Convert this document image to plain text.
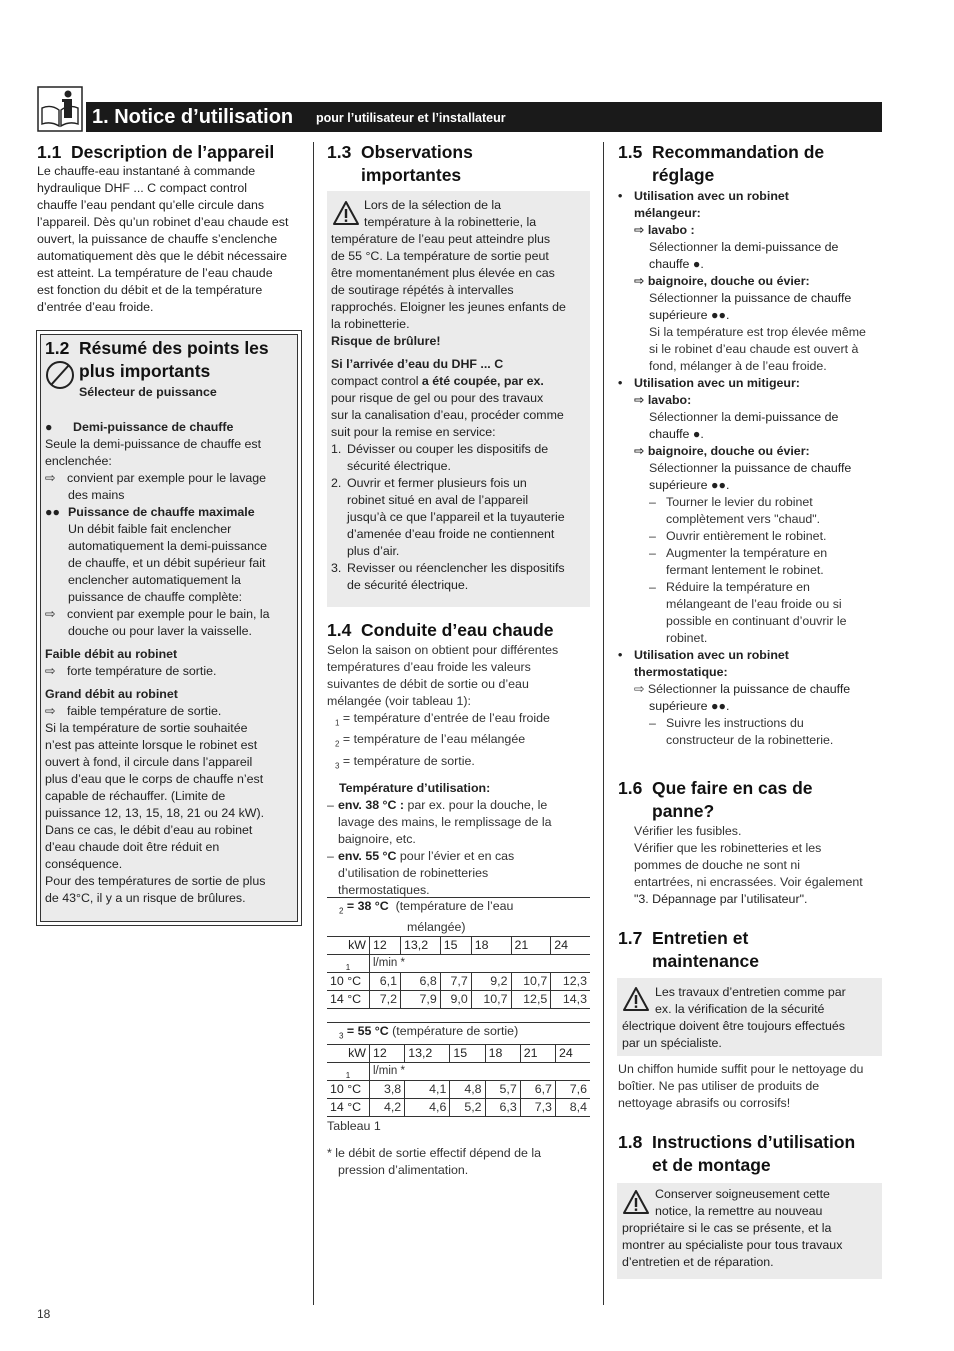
1. Notice d’utilisation pour l’utilisateur et l’installateur
1.1 Description de l’appareil

Le chauffe-eau instantané à commande

hydraulique DHF ... C compact control

chauffe l’eau pendant qu’elle circule dans

l’appareil. Dès qu’un robinet d’eau chaude est

ouvert, la puissance de chauffe s’enclenche

automatiquement dès que le débit nécessaire

est atteint. La température de l’eau chaude

est fonction du débit et de la température

d’entrée d’eau froide.

1.2 Résumé des points les
plus importants
Sélecteur de puissance

● Demi-puissance de chauffe

Seule la demi-puissance de chauffe est

enclenchée:

⇨ convient par exemple pour le lavage

des mains

●● Puissance de chauffe maximale

Un débit faible fait enclencher

automatiquement la demi-puissance

de chauffe, et un débit supérieur fait

enclencher automatiquement la

puissance de chauffe complète:

⇨ convient par exemple pour le bain, la

douche ou pour laver la vaisselle.

Faible débit au robinet

⇨ forte température de sortie.

Grand débit au robinet

⇨ faible température de sortie.

Si la température de sortie souhaitée

n’est pas atteinte lorsque le robinet est

ouvert à fond, il circule dans l’appareil

plus d’eau que le corps de chauffe n’est

capable de réchauffer. (Limite de

puissance 12, 13, 15, 18, 21 ou 24 kW).

Dans ce cas, le débit d’eau au robinet

d’eau chaude doit être réduit en

conséquence.

Pour des températures de sortie de plus

de 43°C, il y a un risque de brûlures.

1.3 Observations
importantes

Lors de la sélection de la

température à la robinetterie, la

température de l’eau peut atteindre plus

de 55 °C. La température de sortie peut

être momentanément plus élevée en cas

de soutirage répétés à intervalles

rapprochés. Eloigner les jeunes enfants de

la robinetterie.

Risque de brûlure!

Si l’arrivée d’eau du DHF ... C

compact control a été coupée, par ex.

pour risque de gel ou pour des travaux

sur la canalisation d’eau, procéder comme

suit pour la remise en service:

1. Dévisser ou couper les dispositifs de

sécurité électrique.

2. Ouvrir et fermer plusieurs fois un

robinet situé en aval de l’appareil

jusqu’à ce que l’appareil et la tuyauterie

d’amenée d’eau froide ne contiennent

plus d’air.

3. Revisser ou réenclencher les dispositifs

de sécurité électrique.

1.4 Conduite d’eau chaude

Selon la saison on obtient pour différentes

températures d’eau froide les valeurs

suivantes de débit de sortie ou d’eau

mélangée (voir tableau 1):

$_1$ = température d’entrée de l’eau froide

$_2$ = température de l’eau mélangée

$_3$ = température de sortie.

Température d’utilisation:

– env. 38 °C : par ex. pour la douche, le

lavage des mains, le remplissage de la

baignoire, etc.

– env. 55 °C pour l’évier et en cas

d’utilisation de robinetteries

thermostatiques.

$_2$ = 38 °C (température de l’eau
mélangée)						
kW	12	13,2	15	18	21	24
1	l/min *					
10 °C	6,1	6,8	7,7	9,2	10,7	12,3
14 °C	7,2	7,9	9,0	10,7	12,5	14,3
$_3$ = 55 °C (température de sortie)						
kW	12	13,2	15	18	21	24
1	l/min *					
10 °C	3,8	4,1	4,8	5,7	6,7	7,6
14 °C	4,2	4,6	5,2	6,3	7,3	8,4

Tableau 1

* le débit de sortie effectif dépend de la

pression d’alimentation.

1.5 Recommandation de
réglage

• Utilisation avec un robinet

mélangeur:

⇨ lavabo :

Sélectionner la demi-puissance de

chauffe ●.

⇨ baignoire, douche ou évier:

Sélectionner la puissance de chauffe

supérieure ●●.

Si la température est trop élevée même

si le robinet d’eau chaude est ouvert à

fond, mélanger à de l’eau froide.

• Utilisation avec un mitigeur:

⇨ lavabo:

Sélectionner la demi-puissance de

chauffe ●.

⇨ baignoire, douche ou évier:

Sélectionner la puissance de chauffe

supérieure ●●.

– Tourner le levier du robinet

complètement vers "chaud".

– Ouvrir entièrement le robinet.

– Augmenter la température en

fermant lentement le robinet.

– Réduire la température en

mélangeant de l’eau froide ou si

possible en continuant d’ouvrir le

robinet.

• Utilisation avec un robinet

thermostatique:

⇨ Sélectionner la puissance de chauffe

supérieure ●●.

– Suivre les instructions du

constructeur de la robinetterie.

1.6 Que faire en cas de
panne?

Vérifier les fusibles.

Vérifier que les robinetteries et les

pommes de douche ne sont ni

entartrées, ni encrassées. Voir également

"3. Dépannage par l’utilisateur".

1.7 Entretien et
maintenance

Les travaux d’entretien comme par

ex. la vérification de la sécurité

électrique doivent être toujours effectués

par un spécialiste.

Un chiffon humide suffit pour le nettoyage du

boîtier. Ne pas utiliser de produits de

nettoyage abrasifs ou corrosifs!

1.8 Instructions d’utilisation
et de montage

Conserver soigneusement cette

notice, la remettre au nouveau

propriétaire si le cas se présente, et la

montrer au spécialiste pour tous travaux

d’entretien et de réparation.

18
